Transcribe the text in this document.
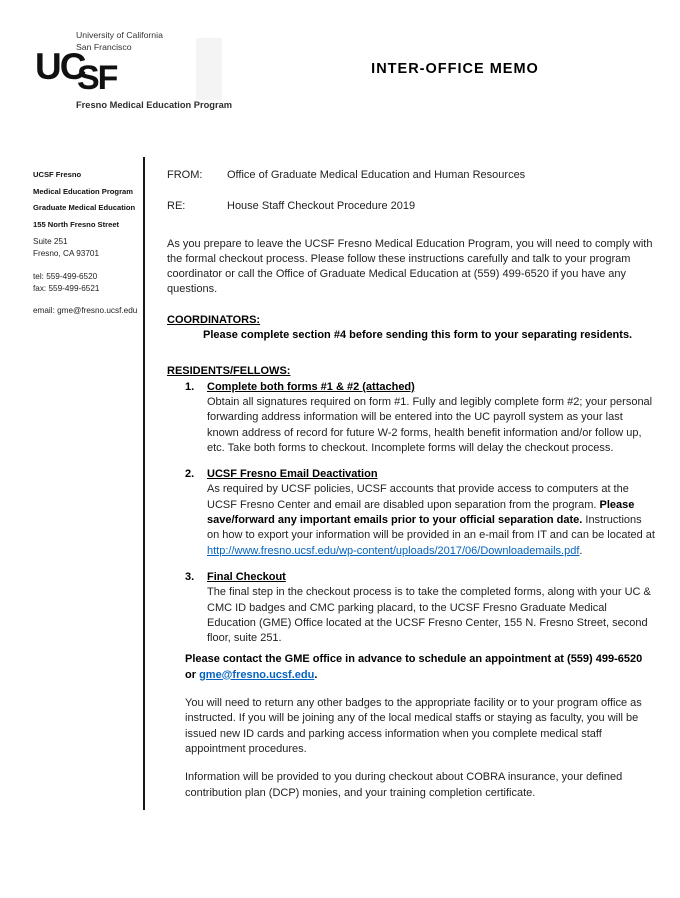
University of California
San Francisco
UC
SF
Fresno Medical Education Program
INTER-OFFICE MEMO
UCSF Fresno
Medical Education Program
Graduate Medical Education
155 North Fresno Street
Suite 251
Fresno, CA 93701
tel: 559-499-6520
fax: 559-499-6521
email: gme@fresno.ucsf.edu
FROM:	Office of Graduate Medical Education and Human Resources
RE:	House Staff Checkout Procedure 2019

As you prepare to leave the UCSF Fresno Medical Education Program, you will need to comply with the formal checkout process. Please follow these instructions carefully and talk to your program coordinator or call the Office of Graduate Medical Education at (559) 499-6520 if you have any questions.

COORDINATORS:
Please complete section #4 before sending this form to your separating residents.
RESIDENTS/FELLOWS:
1.	Complete both forms #1 & #2 (attached)
Obtain all signatures required on form #1. Fully and legibly complete form #2; your personal forwarding address information will be entered into the UC payroll system as your last known address of record for future W-2 forms, health benefit information and/or follow up, etc. Take both forms to checkout. Incomplete forms will delay the checkout process.
2.	UCSF Fresno Email Deactivation
As required by UCSF policies, UCSF accounts that provide access to computers at the UCSF Fresno Center and email are disabled upon separation from the program. Please save/forward any important emails prior to your official separation date. Instructions on how to export your information will be provided in an e-mail from IT and can be located at http://www.fresno.ucsf.edu/wp-content/uploads/2017/06/Downloademails.pdf.
3.	Final Checkout
The final step in the checkout process is to take the completed forms, along with your UC & CMC ID badges and CMC parking placard, to the UCSF Fresno Graduate Medical Education (GME) Office located at the UCSF Fresno Center, 155 N. Fresno Street, second floor, suite 251.

Please contact the GME office in advance to schedule an appointment at (559) 499-6520 or gme@fresno.ucsf.edu.

You will need to return any other badges to the appropriate facility or to your program office as instructed. If you will be joining any of the local medical staffs or staying as faculty, you will be issued new ID cards and parking access information when you complete medical staff appointment procedures.

Information will be provided to you during checkout about COBRA insurance, your defined contribution plan (DCP) monies, and your training completion certificate.
